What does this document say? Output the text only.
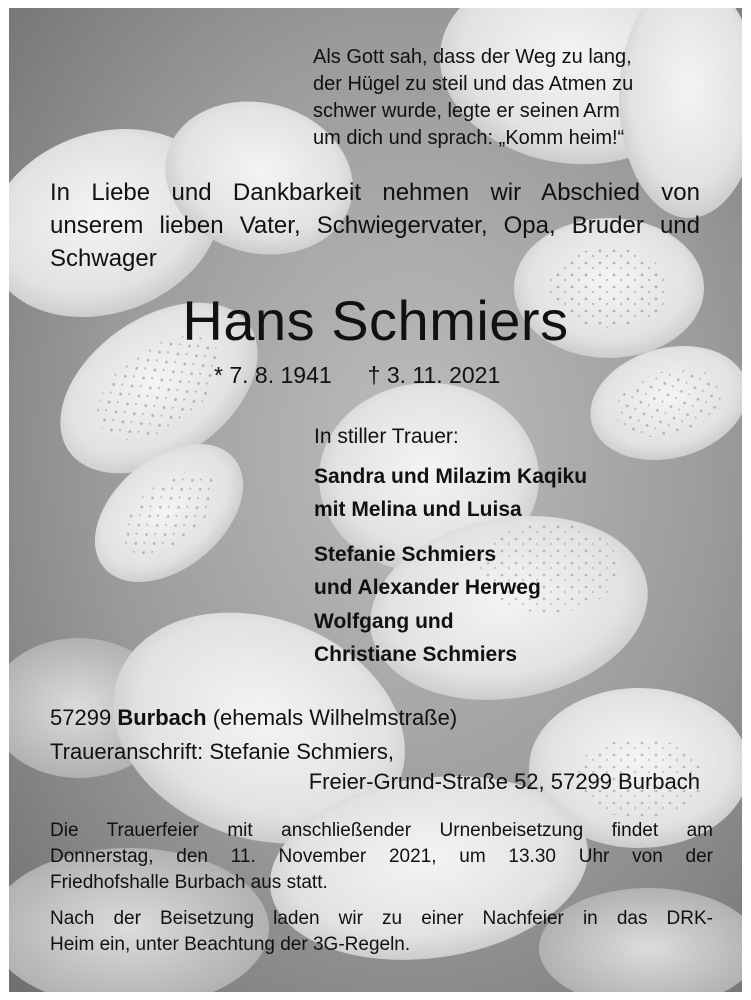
Als Gott sah, dass der Weg zu lang,
der Hügel zu steil und das Atmen zu
schwer wurde, legte er seinen Arm
um dich und sprach: „Komm heim!“
In Liebe und Dankbarkeit nehmen wir Abschied von
unserem lieben Vater, Schwiegervater, Opa, Bruder und
Schwager
Hans Schmiers
* 7. 8. 1941 † 3. 11. 2021
In stiller Trauer:
Sandra und Milazim Kaqiku
mit Melina und Luisa
Stefanie Schmiers
und Alexander Herweg
Wolfgang und
Christiane Schmiers
57299 Burbach (ehemals Wilhelmstraße)
Traueranschrift: Stefanie Schmiers,
Freier-Grund-Straße 52, 57299 Burbach
Die Trauerfeier mit anschließender Urnenbeisetzung findet am
Donnerstag, den 11. November 2021, um 13.30 Uhr von der
Friedhofshalle Burbach aus statt.
Nach der Beisetzung laden wir zu einer Nachfeier in das DRK-
Heim ein, unter Beachtung der 3G-Regeln.
